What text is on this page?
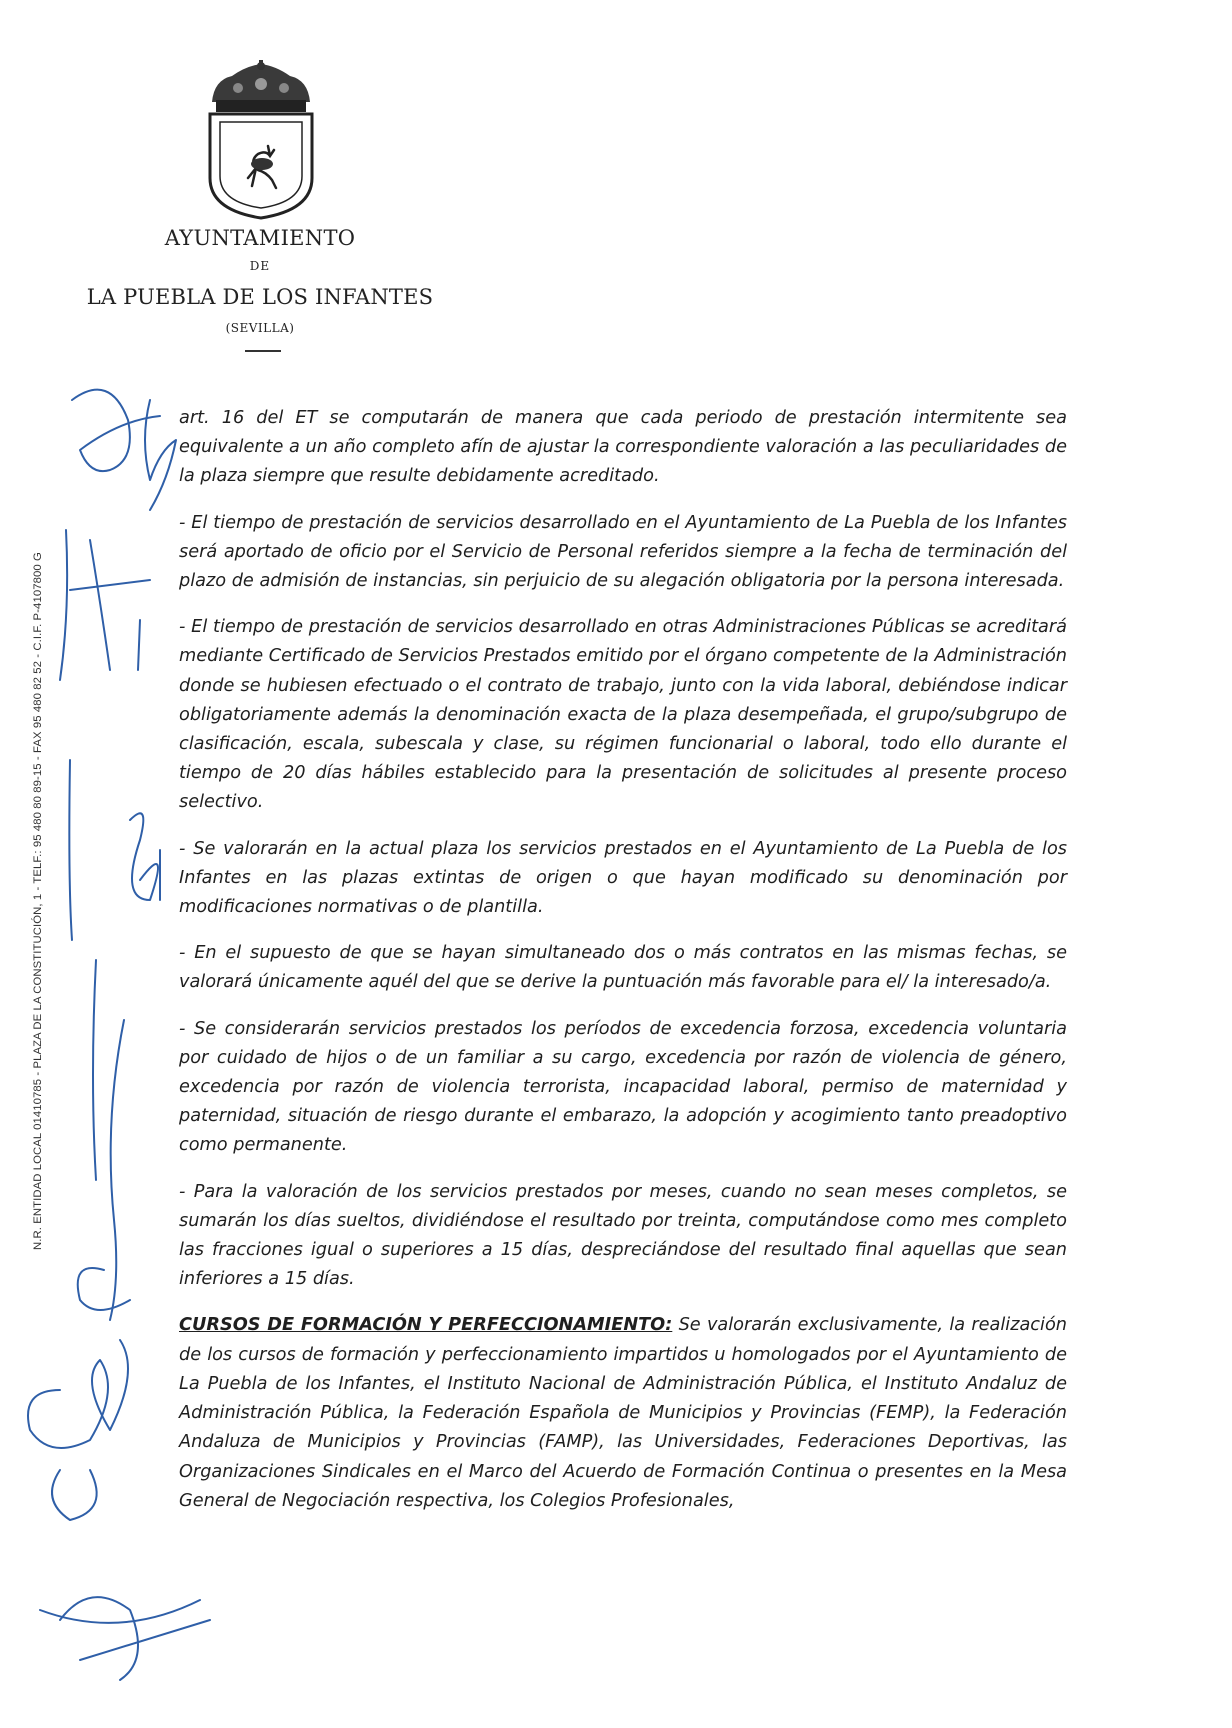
AYUNTAMIENTO
DE
LA PUEBLA DE LOS INFANTES
(SEVILLA)
N.R. ENTIDAD LOCAL 01410785 - PLAZA DE LA CONSTITUCIÓN, 1 - TELF.: 95 480 80 89-15 - FAX 95 480 82 52 - C.I.F. P-4107800 G

art. 16 del ET se computarán de manera que cada periodo de prestación intermitente sea equivalente a un año completo afín de ajustar la correspondiente valoración a las peculiaridades de la plaza siempre que resulte debidamente acreditado.

- El tiempo de prestación de servicios desarrollado en el Ayuntamiento de La Puebla de los Infantes será aportado de oficio por el Servicio de Personal referidos siempre a la fecha de terminación del plazo de admisión de instancias, sin perjuicio de su alegación obligatoria por la persona interesada.

- El tiempo de prestación de servicios desarrollado en otras Administraciones Públicas se acreditará mediante Certificado de Servicios Prestados emitido por el órgano competente de la Administración donde se hubiesen efectuado o el contrato de trabajo, junto con la vida laboral, debiéndose indicar obligatoriamente además la denominación exacta de la plaza desempeñada, el grupo/subgrupo de clasificación, escala, subescala y clase, su régimen funcionarial o laboral, todo ello durante el tiempo de 20 días hábiles establecido para la presentación de solicitudes al presente proceso selectivo.

- Se valorarán en la actual plaza los servicios prestados en el Ayuntamiento de La Puebla de los Infantes en las plazas extintas de origen o que hayan modificado su denominación por modificaciones normativas o de plantilla.

- En el supuesto de que se hayan simultaneado dos o más contratos en las mismas fechas, se valorará únicamente aquél del que se derive la puntuación más favorable para el/ la interesado/a.

- Se considerarán servicios prestados los períodos de excedencia forzosa, excedencia voluntaria por cuidado de hijos o de un familiar a su cargo, excedencia por razón de violencia de género, excedencia por razón de violencia terrorista, incapacidad laboral, permiso de maternidad y paternidad, situación de riesgo durante el embarazo, la adopción y acogimiento tanto preadoptivo como permanente.

- Para la valoración de los servicios prestados por meses, cuando no sean meses completos, se sumarán los días sueltos, dividiéndose el resultado por treinta, computándose como mes completo las fracciones igual o superiores a 15 días, despreciándose del resultado final aquellas que sean inferiores a 15 días.

CURSOS DE FORMACIÓN Y PERFECCIONAMIENTO: Se valorarán exclusivamente, la realización de los cursos de formación y perfeccionamiento impartidos u homologados por el Ayuntamiento de La Puebla de los Infantes, el Instituto Nacional de Administración Pública, el Instituto Andaluz de Administración Pública, la Federación Española de Municipios y Provincias (FEMP), la Federación Andaluza de Municipios y Provincias (FAMP), las Universidades, Federaciones Deportivas, las Organizaciones Sindicales en el Marco del Acuerdo de Formación Continua o presentes en la Mesa General de Negociación respectiva, los Colegios Profesionales,
